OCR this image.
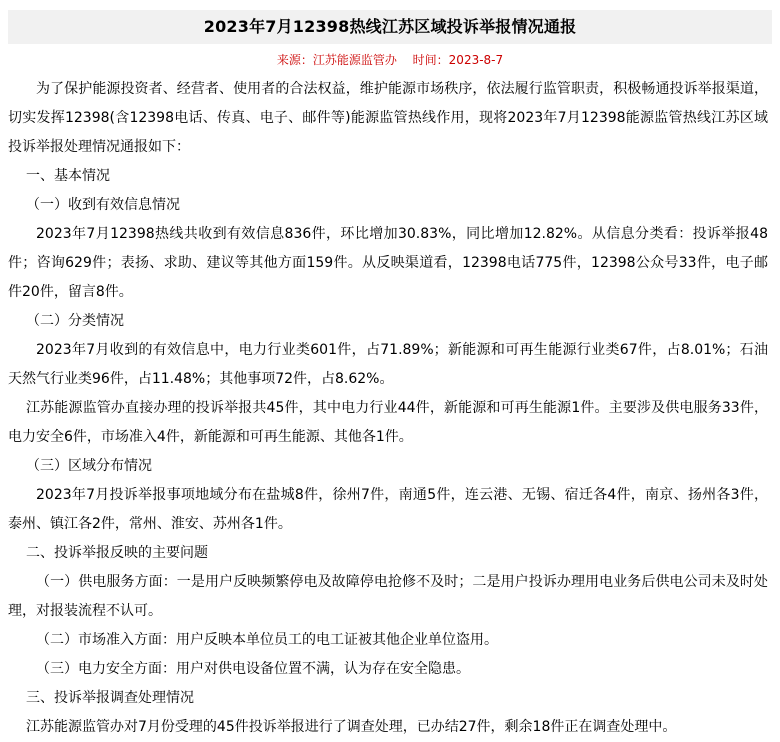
2023年7月12398热线江苏区域投诉举报情况通报
来源：江苏能源监管办 时间：2023-8-7

为了保护能源投资者、经营者、使用者的合法权益，维护能源市场秩序，依法履行监管职责，积极畅通投诉举报渠道，切实发挥12398(含12398电话、传真、电子、邮件等)能源监管热线作用，现将2023年7月12398能源监管热线江苏区域投诉举报处理情况通报如下：

一、基本情况

（一）收到有效信息情况

2023年7月12398热线共收到有效信息836件，环比增加30.83%，同比增加12.82%。从信息分类看：投诉举报48件；咨询629件；表扬、求助、建议等其他方面159件。从反映渠道看，12398电话775件，12398公众号33件，电子邮件20件，留言8件。

（二）分类情况

2023年7月收到的有效信息中，电力行业类601件，占71.89%；新能源和可再生能源行业类67件，占8.01%；石油天然气行业类96件，占11.48%；其他事项72件，占8.62%。

江苏能源监管办直接办理的投诉举报共45件，其中电力行业44件，新能源和可再生能源1件。主要涉及供电服务33件，电力安全6件，市场准入4件，新能源和可再生能源、其他各1件。

（三）区域分布情况

2023年7月投诉举报事项地域分布在盐城8件，徐州7件，南通5件，连云港、无锡、宿迁各4件，南京、扬州各3件，泰州、镇江各2件，常州、淮安、苏州各1件。

二、投诉举报反映的主要问题

（一）供电服务方面：一是用户反映频繁停电及故障停电抢修不及时；二是用户投诉办理用电业务后供电公司未及时处理，对报装流程不认可。

（二）市场准入方面：用户反映本单位员工的电工证被其他企业单位盗用。

（三）电力安全方面：用户对供电设备位置不满，认为存在安全隐患。

三、投诉举报调查处理情况

江苏能源监管办对7月份受理的45件投诉举报进行了调查处理，已办结27件，剩余18件正在调查处理中。
